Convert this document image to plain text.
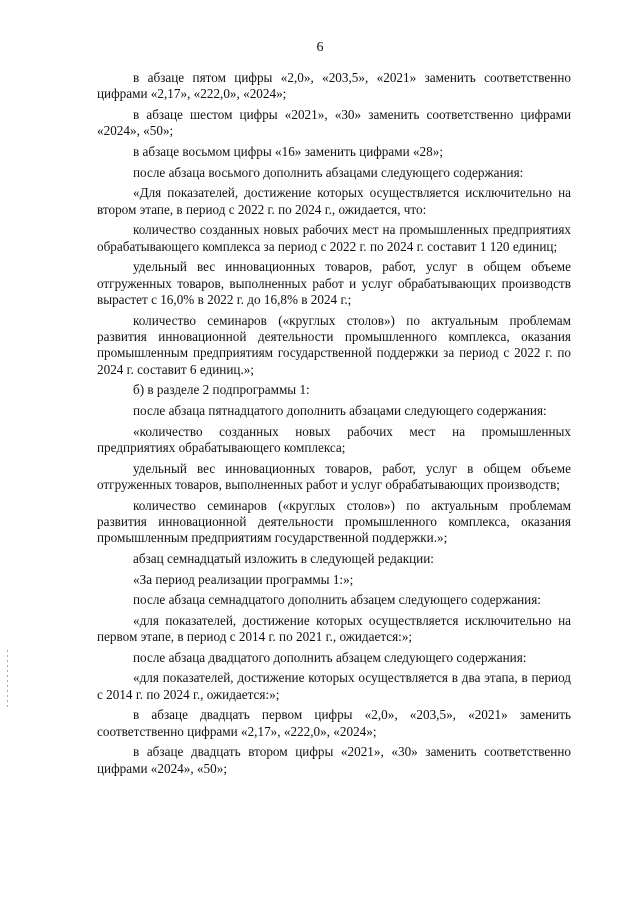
6

в абзаце пятом цифры «2,0», «203,5», «2021» заменить соответственно цифрами «2,17», «222,0», «2024»;

в абзаце шестом цифры «2021», «30» заменить соответственно цифрами «2024», «50»;

в абзаце восьмом цифры «16» заменить цифрами «28»;

после абзаца восьмого дополнить абзацами следующего содержания:

«Для показателей, достижение которых осуществляется исключительно на втором этапе, в период с 2022 г. по 2024 г., ожидается, что:

количество созданных новых рабочих мест на промышленных предприятиях обрабатывающего комплекса за период с 2022 г. по 2024 г. составит 1 120 единиц;

удельный вес инновационных товаров, работ, услуг в общем объеме отгруженных товаров, выполненных работ и услуг обрабатывающих производств вырастет с 16,0% в 2022 г. до 16,8% в 2024 г.;

количество семинаров («круглых столов») по актуальным проблемам развития инновационной деятельности промышленного комплекса, оказания промышленным предприятиям государственной поддержки за период с 2022 г. по 2024 г. составит 6 единиц.»;

б) в разделе 2 подпрограммы 1:

после абзаца пятнадцатого дополнить абзацами следующего содержания:

«количество созданных новых рабочих мест на промышленных предприятиях обрабатывающего комплекса;

удельный вес инновационных товаров, работ, услуг в общем объеме отгруженных товаров, выполненных работ и услуг обрабатывающих производств;

количество семинаров («круглых столов») по актуальным проблемам развития инновационной деятельности промышленного комплекса, оказания промышленным предприятиям государственной поддержки.»;

абзац семнадцатый изложить в следующей редакции:

«За период реализации программы 1:»;

после абзаца семнадцатого дополнить абзацем следующего содержания:

«для показателей, достижение которых осуществляется исключительно на первом этапе, в период с 2014 г. по 2021 г., ожидается:»;

после абзаца двадцатого дополнить абзацем следующего содержания:

«для показателей, достижение которых осуществляется в два этапа, в период с 2014 г. по 2024 г., ожидается:»;

в абзаце двадцать первом цифры «2,0», «203,5», «2021» заменить соответственно цифрами «2,17», «222,0», «2024»;

в абзаце двадцать втором цифры «2021», «30» заменить соответственно цифрами «2024», «50»;
